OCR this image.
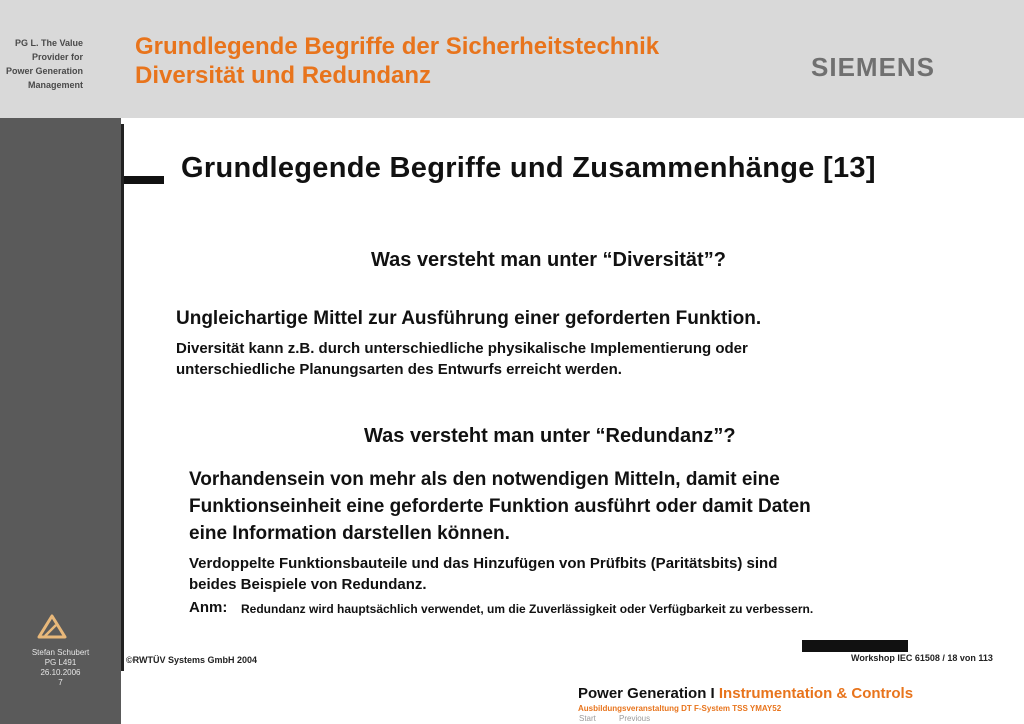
PG L. The Value
Provider for
Power Generation
Management
Grundlegende Begriffe der Sicherheitstechnik
Diversität und Redundanz	SIEMENS
Grundlegende Begriffe und Zusammenhänge [13]
Was versteht man unter “Diversität”?
Ungleichartige Mittel zur Ausführung einer geforderten Funktion.
Diversität kann z.B. durch unterschiedliche physikalische Implementierung oder
unterschiedliche Planungsarten des Entwurfs erreicht werden.
Was versteht man unter “Redundanz”?
Vorhandensein von mehr als den notwendigen Mitteln, damit eine
Funktionseinheit eine geforderte Funktion ausführt oder damit Daten
eine Information darstellen können.
Verdoppelte Funktionsbauteile und das Hinzufügen von Prüfbits (Paritätsbits) sind
beides Beispiele von Redundanz.
Anm: Redundanz wird hauptsächlich verwendet, um die Zuverlässigkeit oder Verfügbarkeit zu verbessern.
©RWTÜV Systems GmbH 2004	Workshop IEC 61508 / 18 von 113
Stefan Schubert
PG L491
26.10.2006
7
Power Generation I Instrumentation & Controls
Ausbildungsveranstaltung DT F-System TSS YMAY52
Start	Previous
